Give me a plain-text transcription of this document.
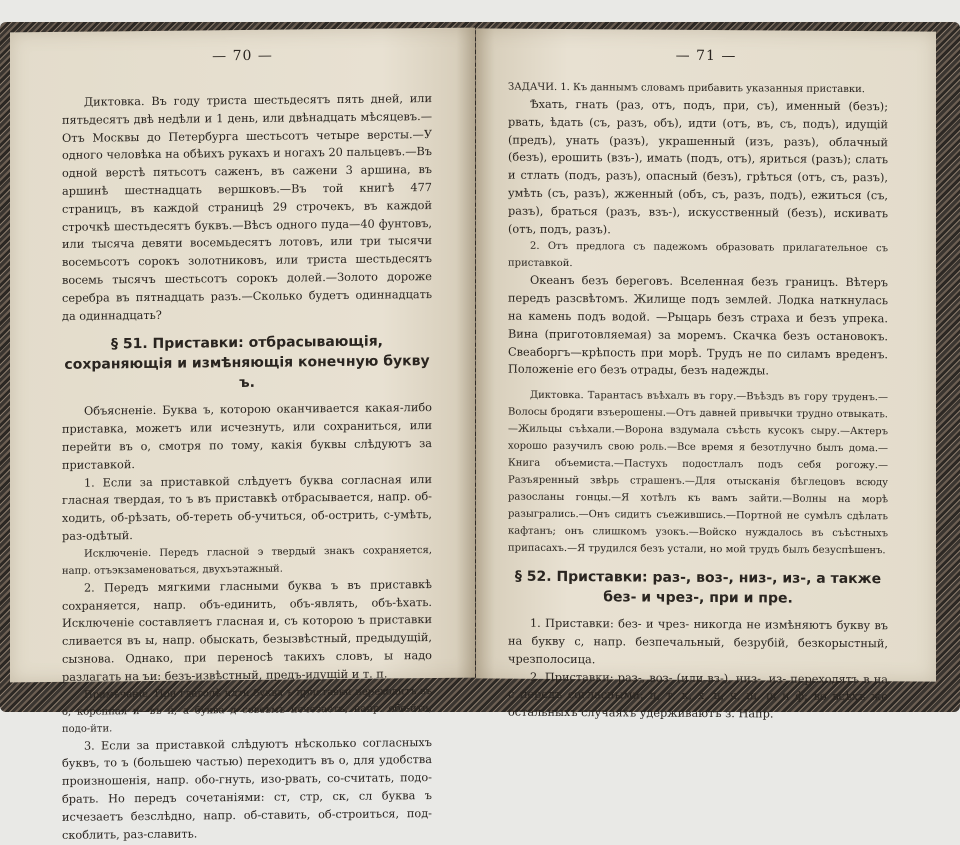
— 70 —

Диктовка. Въ году триста шестьдесятъ пять дней, или пятьдесятъ двѣ недѣли и 1 день, или двѣнадцать мѣсяцевъ.—Отъ Москвы до Петербурга шестьсотъ четыре версты.—У одного человѣка на обѣихъ рукахъ и ногахъ 20 пальцевъ.—Въ одной верстѣ пятьсотъ саженъ, въ сажени 3 аршина, въ аршинѣ шестнадцать вершковъ.—Въ той книгѣ 477 страницъ, въ каждой страницѣ 29 строчекъ, въ каждой строчкѣ шестьдесятъ буквъ.—Вѣсъ одного пуда—40 фунтовъ, или тысяча девяти восемьдесятъ лотовъ, или три тысячи восемьсотъ сорокъ золотниковъ, или триста шестьдесятъ восемь тысячъ шестьсотъ сорокъ долей.—Золото дороже серебра въ пятнадцать разъ.—Сколько будетъ одиннадцать да одиннадцать?

§ 51. Приставки: отбрасывающія, сохраняющія и измѣняющія конечную букву ъ.

Объясненіе. Буква ъ, которою оканчивается какая-либо приставка, можетъ или исчезнуть, или сохраниться, или перейти въ о, смотря по тому, какія буквы слѣдуютъ за приставкой.

1. Если за приставкой слѣдуетъ буква согласная или гласная твердая, то ъ въ приставкѣ отбрасывается, напр. об-ходить, об-рѣзать, об-тереть об-учиться, об-острить, с-умѣть, раз-одѣтый.

Исключеніе. Передъ гласной э твердый знакъ сохраняется, напр. отъэкзаменоваться, двухъэтажный.

2. Передъ мягкими гласными буква ъ въ приставкѣ сохраняется, напр. объ-единить, объ-являть, объ-ѣхать. Исключеніе составляетъ гласная и, съ которою ъ приставки сливается въ ы, напр. обыскать, безызвѣстный, предыдущій, сызнова. Однако, при переносѣ такихъ словъ, ы надо разлагать на ъи: безъ-извѣстный, предъ-идущій и т. п.

Примѣчаніе. При глаголѣ идти буква ъ приставки переходитъ въ о, коренная и—въ й, а буква д совсѣмъ исчезаетъ, напр. обо-йти, подо-йти.

3. Если за приставкой слѣдуютъ нѣсколько согласныхъ буквъ, то ъ (большею частью) переходитъ въ о, для удобства произношенія, напр. обо-гнуть, изо-рвать, со-считать, подо-брать. Но передъ сочетаніями: ст, стр, ск, сл буква ъ исчезаетъ безслѣдно, напр. об-ставить, об-строиться, под-скоблить, раз-славить.

— 71 —

ЗАДАЧИ. 1. Къ даннымъ словамъ прибавить указанныя приставки.

Ѣхать, гнать (раз, отъ, подъ, при, съ), именный (безъ); рвать, ѣдать (съ, разъ, объ), идти (отъ, въ, съ, подъ), идущій (предъ), унать (разъ), украшенный (изъ, разъ), облачный (безъ), ерошить (взъ-), имать (подъ, отъ), яриться (разъ); слать и стлать (подъ, разъ), опасный (безъ), грѣться (отъ, съ, разъ), умѣть (съ, разъ), жженный (объ, съ, разъ, подъ), ежиться (съ, разъ), браться (разъ, взъ-), искусственный (безъ), искивать (отъ, подъ, разъ).

2. Отъ предлога съ падежомъ образовать прилагательное съ приставкой.

Океанъ безъ береговъ. Вселенная безъ границъ. Вѣтеръ передъ разсвѣтомъ. Жилище подъ землей. Лодка наткнулась на камень подъ водой. —Рыцарь безъ страха и безъ упрека. Вина (приготовляемая) за моремъ. Скачка безъ остановокъ. Свеаборгъ—крѣпость при морѣ. Трудъ не по силамъ вреденъ. Положеніе его безъ отрады, безъ надежды.

Диктовка. Тарантасъ въѣхалъ въ гору.—Въѣздъ въ гору труденъ.—Волосы бродяги взъерошены.—Отъ давней привычки трудно отвыкать.—Жильцы съѣхали.—Ворона вздумала съѣсть кусокъ сыру.—Актеръ хорошо разучилъ свою роль.—Все время я безотлучно былъ дома.—Книга объемиста.—Пастухъ подостлалъ подъ себя рогожу.—Разъяренный звѣрь страшенъ.—Для отысканія бѣглецовъ всюду разосланы гонцы.—Я хотѣлъ къ вамъ зайти.—Волны на морѣ разыгрались.—Онъ сидитъ съежившись.—Портной не сумѣлъ сдѣлать кафтанъ; онъ слишкомъ узокъ.—Войско нуждалось въ съѣстныхъ припасахъ.—Я трудился безъ устали, но мой трудъ былъ безуспѣшенъ.

§ 52. Приставки: раз-, воз-, низ-, из-, а также без- и чрез-, при и пре.

1. Приставки: без- и чрез- никогда не измѣняютъ букву въ на букву с, напр. безпечальный, безрубій, безкорыстный, чрезполосица.

2. Приставки: раз-, воз- (или вз-), низ-, из- переходятъ в на с передъ согласными: п, т, к, х, ц, ч, ш, щ и ф; во всѣхъ же остальныхъ случаяхъ удерживаютъ з. Напр.
